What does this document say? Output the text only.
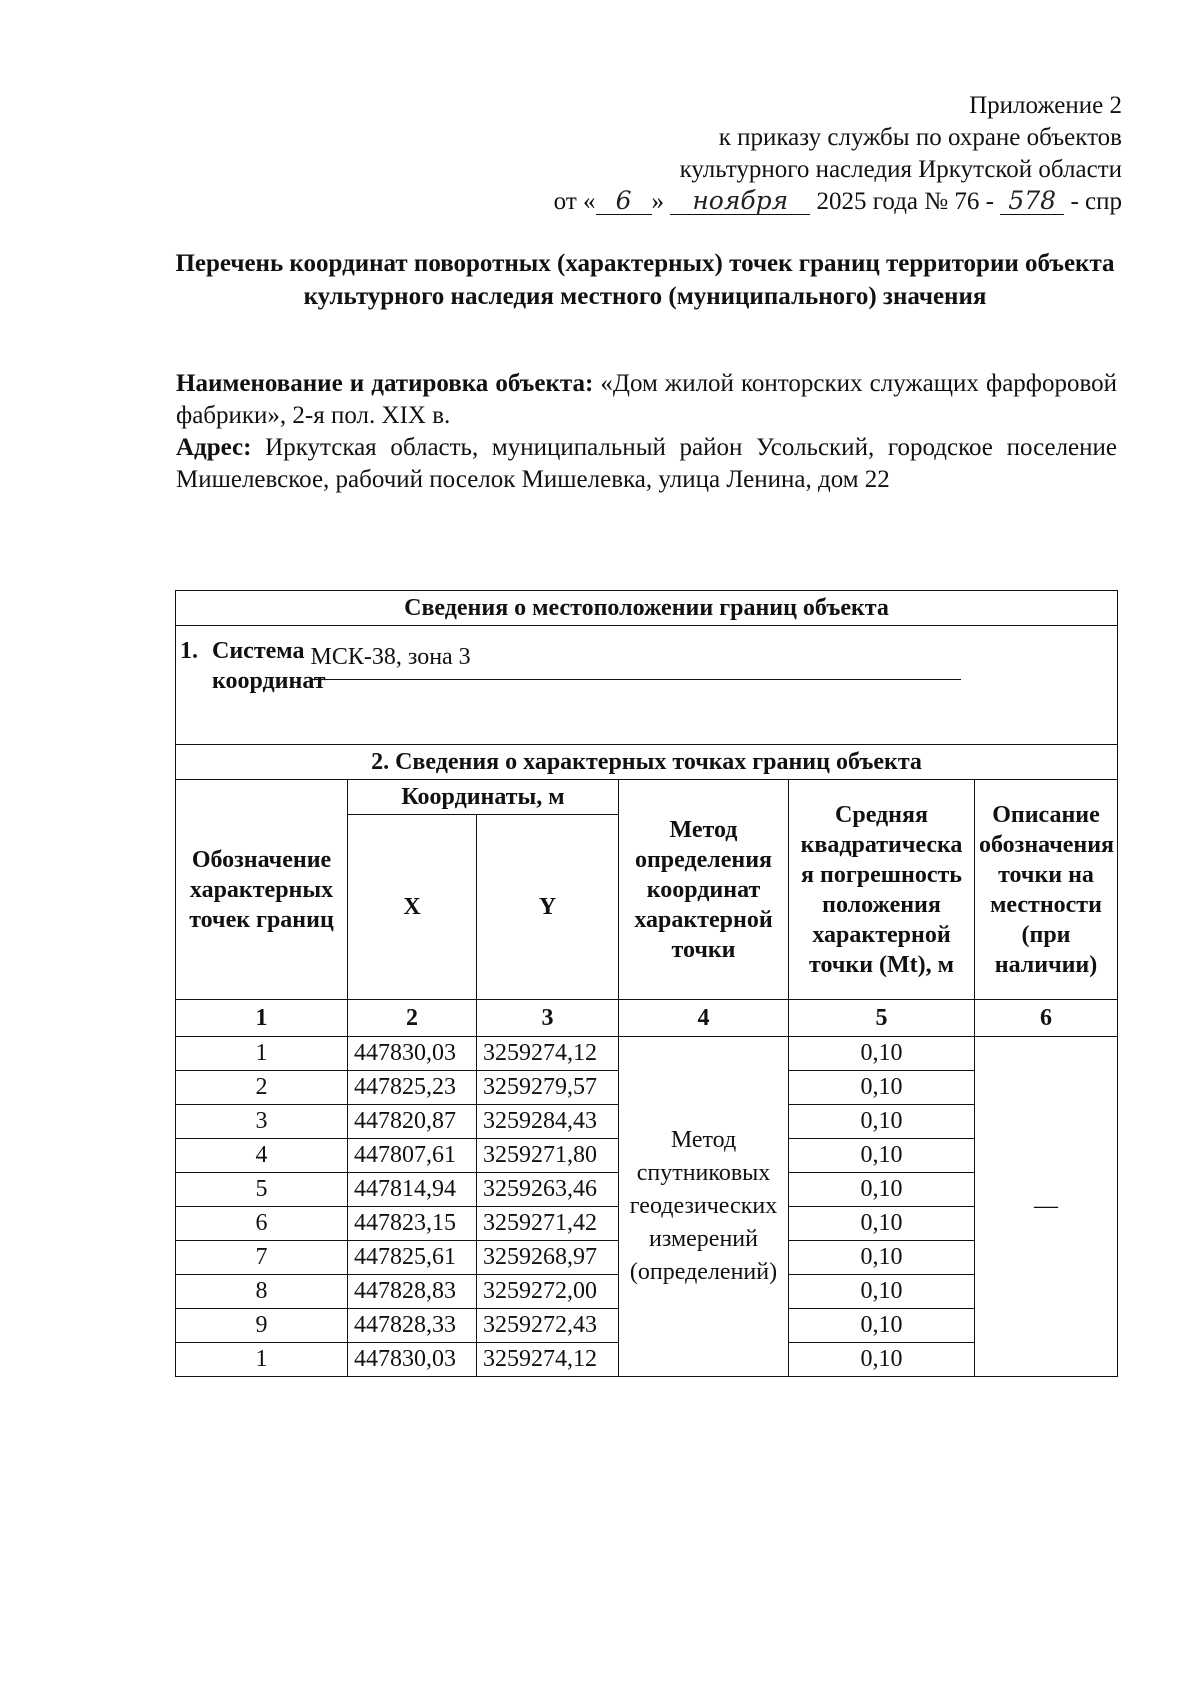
Приложение 2
к приказу службы по охране объектов
культурного наследия Иркутской области
от « 6 » ноября 2025 года № 76 - 578 - спр
Перечень координат поворотных (характерных) точек границ территории объекта культурного наследия местного (муниципального) значения

Наименование и датировка объекта: «Дом жилой конторских служащих фарфоровой фабрики», 2-я пол. XIX в.

Адрес: Иркутская область, муниципальный район Усольский, городское поселение Мишелевское, рабочий поселок Мишелевка, улица Ленина, дом 22

Сведения о местоположении границ объекта					
1. Система координат		МСК-38, зона 3			

2. Сведения о характерных точках границ объекта					
Обозначение характерных точек границ	Координаты, м		Метод определения координат характерной точки	Средняя квадратическа я погрешность положения характерной точки (Mt), м	Описание обозначения точки на местности (при наличии)
	X	Y			
1	2	3	4	5	6
1	447830,03	3259274,12	Метод спутниковых геодезических измерений (определений)	0,10	—
2	447825,23	3259279,57		0,10	
3	447820,87	3259284,43		0,10	
4	447807,61	3259271,80		0,10	
5	447814,94	3259263,46		0,10	
6	447823,15	3259271,42		0,10	
7	447825,61	3259268,97		0,10	
8	447828,83	3259272,00		0,10	
9	447828,33	3259272,43		0,10	
1	447830,03	3259274,12		0,10	
